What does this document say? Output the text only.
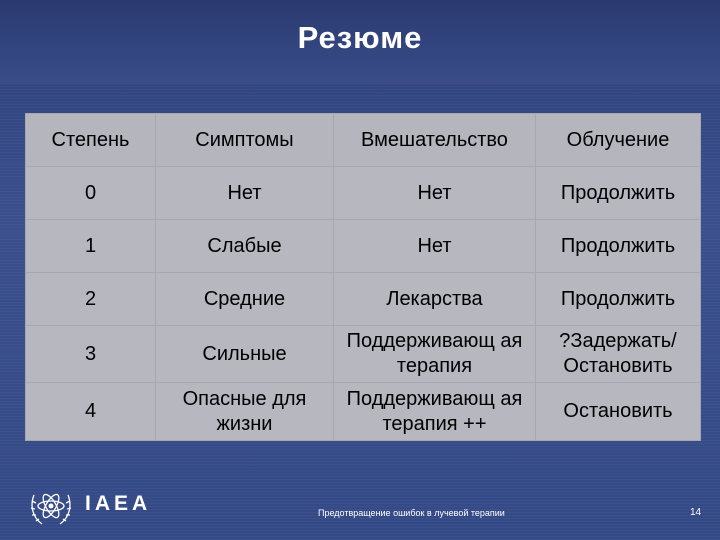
Резюме
Степень	Симптомы	Вмешательство	Облучение
0	Нет	Нет	Продолжить
1	Слабые	Нет	Продолжить
2	Средние	Лекарства	Продолжить
3	Сильные	Поддерживающ ая терапия	?Задержать/ Остановить
4	Опасные для жизни	Поддерживающ ая терапия ++	Остановить
IAEA	Предотвращение ошибок в лучевой терапии	14
